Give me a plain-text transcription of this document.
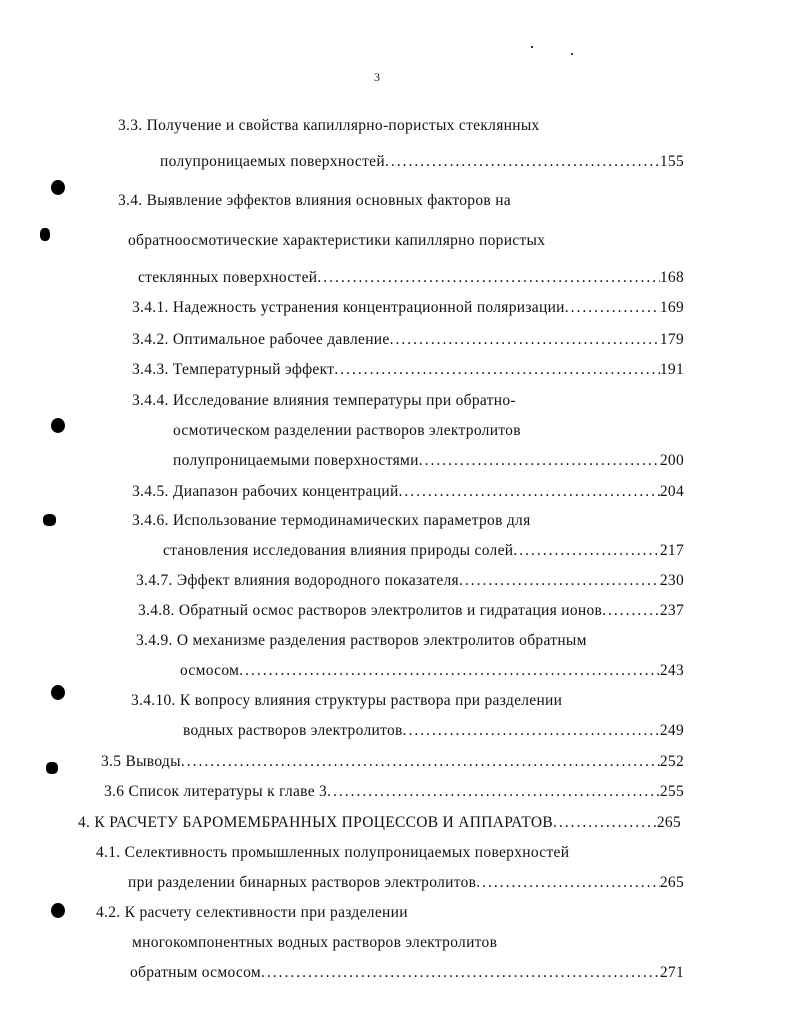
3
3.3. Получение и свойства капиллярно-пористых стеклянных
полупроницаемых поверхностей .....	155
3.4. Выявление эффектов влияния основных факторов на
обратноосмотические характеристики капиллярно пористых
стеклянных поверхностей .....	168
3.4.1. Надежность устранения концентрационной поляризации .....	169
3.4.2. Оптимальное рабочее давление .....	179
3.4.3. Температурный эффект .....	191
3.4.4. Исследование влияния температуры при обратно-
осмотическом разделении растворов электролитов
полупроницаемыми поверхностями .....	200
3.4.5. Диапазон рабочих концентраций .....	204
3.4.6. Использование термодинамических параметров для
становления исследования влияния природы солей .....	217
3.4.7. Эффект влияния водородного показателя .....	230
3.4.8. Обратный осмос растворов электролитов и гидратация ионов .....	237
3.4.9. О механизме разделения растворов электролитов обратным
осмосом .....	243
3.4.10. К вопросу влияния структуры раствора при разделении
водных растворов электролитов .....	249
3.5 Выводы .....	252
3.6 Список литературы к главе 3 .....	255
4. К РАСЧЕТУ БАРОМЕМБРАННЫХ ПРОЦЕССОВ И АППАРАТОВ .....	265
4.1. Селективность промышленных полупроницаемых поверхностей
при разделении бинарных растворов электролитов .....	265
4.2. К расчету селективности при разделении
многокомпонентных водных растворов электролитов
обратным осмосом .....	271
